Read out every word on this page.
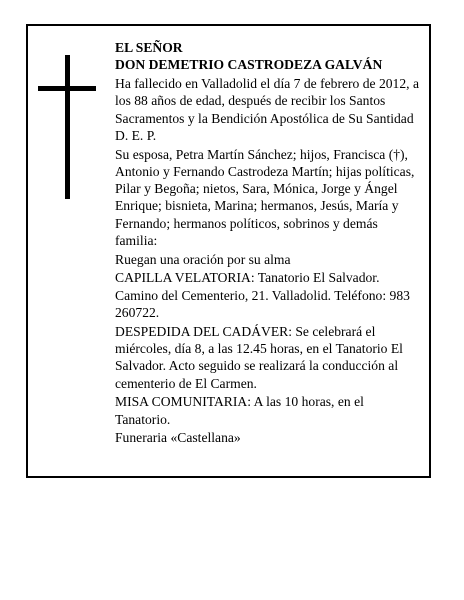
EL SEÑOR
DON DEMETRIO CASTRODEZA GALVÁN
Ha fallecido en Valladolid el día 7 de febrero de 2012, a
los 88 años de edad, después de recibir los Santos
Sacramentos y la Bendición Apostólica de Su Santidad
D. E. P.
Su esposa, Petra Martín Sánchez; hijos, Francisca (†),
Antonio y Fernando Castrodeza Martín; hijas políticas,
Pilar y Begoña; nietos, Sara, Mónica, Jorge y Ángel
Enrique; bisnieta, Marina; hermanos, Jesús, María y
Fernando; hermanos políticos, sobrinos y demás
familia:
Ruegan una oración por su alma
CAPILLA VELATORIA: Tanatorio El Salvador.
Camino del Cementerio, 21. Valladolid. Teléfono: 983
260722.
DESPEDIDA DEL CADÁVER: Se celebrará el
miércoles, día 8, a las 12.45 horas, en el Tanatorio El
Salvador. Acto seguido se realizará la conducción al
cementerio de El Carmen.
MISA COMUNITARIA: A las 10 horas, en el
Tanatorio.
Funeraria «Castellana»
